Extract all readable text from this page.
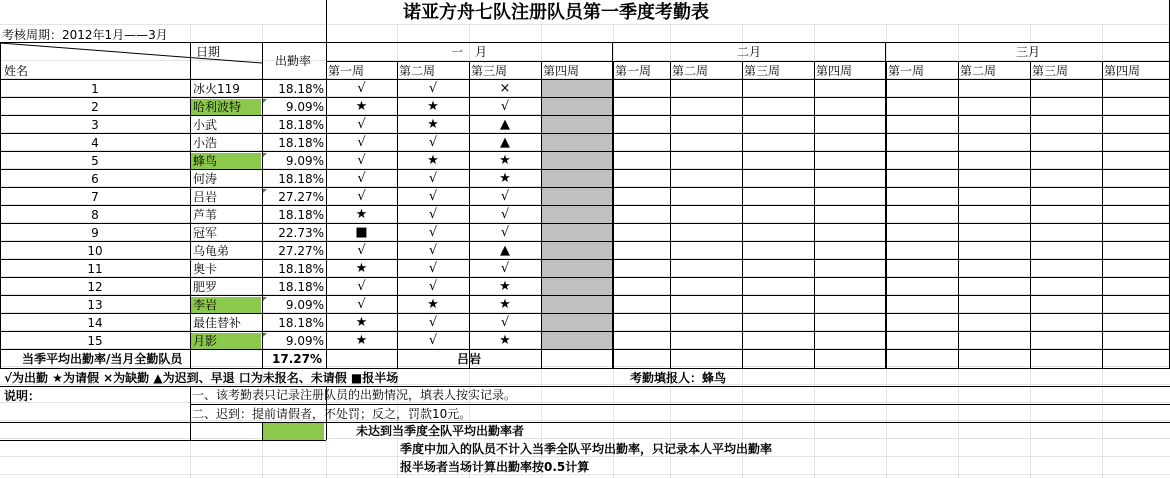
诺亚方舟七队注册队员第一季度考勤表
考核周期：2012年1月——3月
日期
姓名
出勤率
一　月	二月	三月
第一周	第二周	第三周	第四周	第一周	第二周	第三周	第四周	第一周	第二周	第三周	第四周
1	冰火119	18.18%	√	√	×
2	哈利波特	9.09%	★	★	√
3	小武	18.18%	√	★	▲
4	小浩	18.18%	√	√	▲
5	蜂鸟	9.09%	√	★	★
6	何涛	18.18%	√	√	★
7	吕岩	27.27%	√	√	√
8	芦苇	18.18%	★	√	√
9	冠军	22.73%	■	√	√
10	乌龟弟	27.27%	√	√	▲
11	奥卡	18.18%	★	√	√
12	肥罗	18.18%	√	√	★
13	李岩	9.09%	√	★	★
14	最佳替补	18.18%	★	√	√
15	月影	9.09%	★	√	★
当季平均出勤率/当月全勤队员	17.27%	吕岩
√为出勤 ★为请假 ×为缺勤 ▲为迟到、早退 口为未报名、未请假 ■报半场	考勤填报人：蜂鸟
说明：	一、该考勤表只记录注册队员的出勤情况，填表人按实记录。
二、迟到：提前请假者，不处罚；反之，罚款10元。
未达到当季度全队平均出勤率者
季度中加入的队员不计入当季全队平均出勤率，只记录本人平均出勤率
报半场者当场计算出勤率按0.5计算
